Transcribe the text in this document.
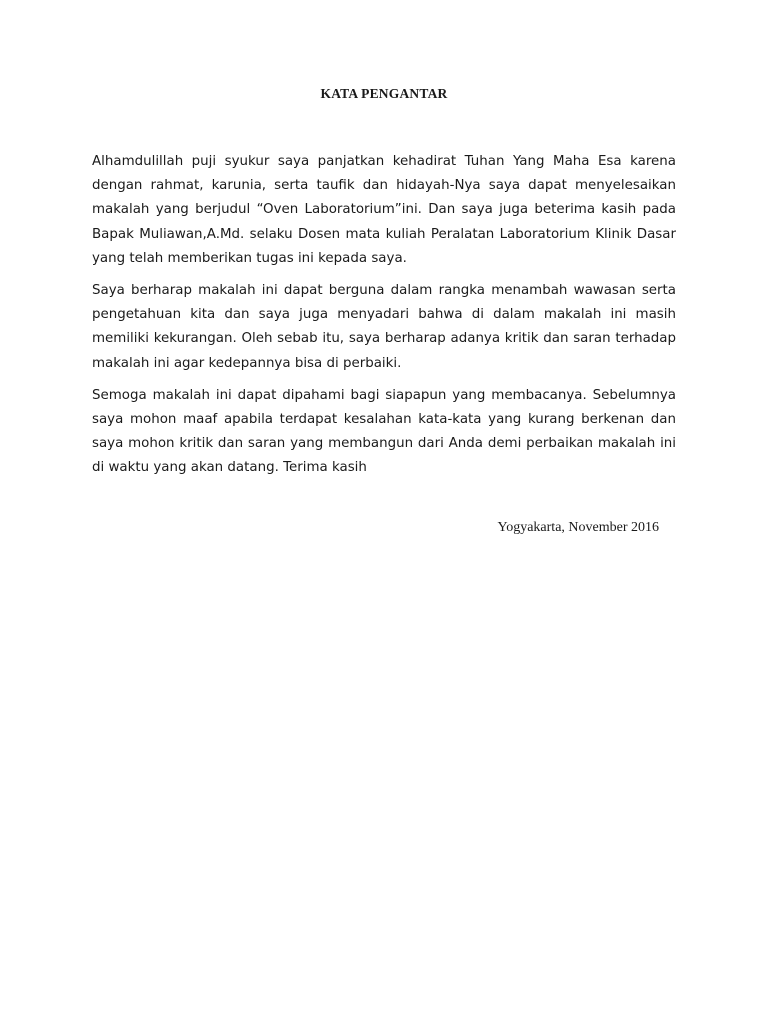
KATA PENGANTAR

Alhamdulillah puji syukur saya panjatkan kehadirat Tuhan Yang Maha Esa karena dengan rahmat, karunia, serta taufik dan hidayah-Nya saya dapat menyelesaikan makalah yang berjudul “Oven Laboratorium”ini. Dan saya juga beterima kasih pada Bapak Muliawan,A.Md. selaku Dosen mata kuliah Peralatan Laboratorium Klinik Dasar yang telah memberikan tugas ini kepada saya.

Saya berharap makalah ini dapat berguna dalam rangka menambah wawasan serta pengetahuan kita dan saya juga menyadari bahwa di dalam makalah ini masih memiliki kekurangan. Oleh sebab itu, saya berharap adanya kritik dan saran terhadap makalah ini agar kedepannya bisa di perbaiki.

Semoga makalah ini dapat dipahami bagi siapapun yang membacanya. Sebelumnya saya mohon maaf apabila terdapat kesalahan kata-kata yang kurang berkenan dan saya mohon kritik dan saran yang membangun dari Anda demi perbaikan makalah ini di waktu yang akan datang. Terima kasih

Yogyakarta, November 2016
